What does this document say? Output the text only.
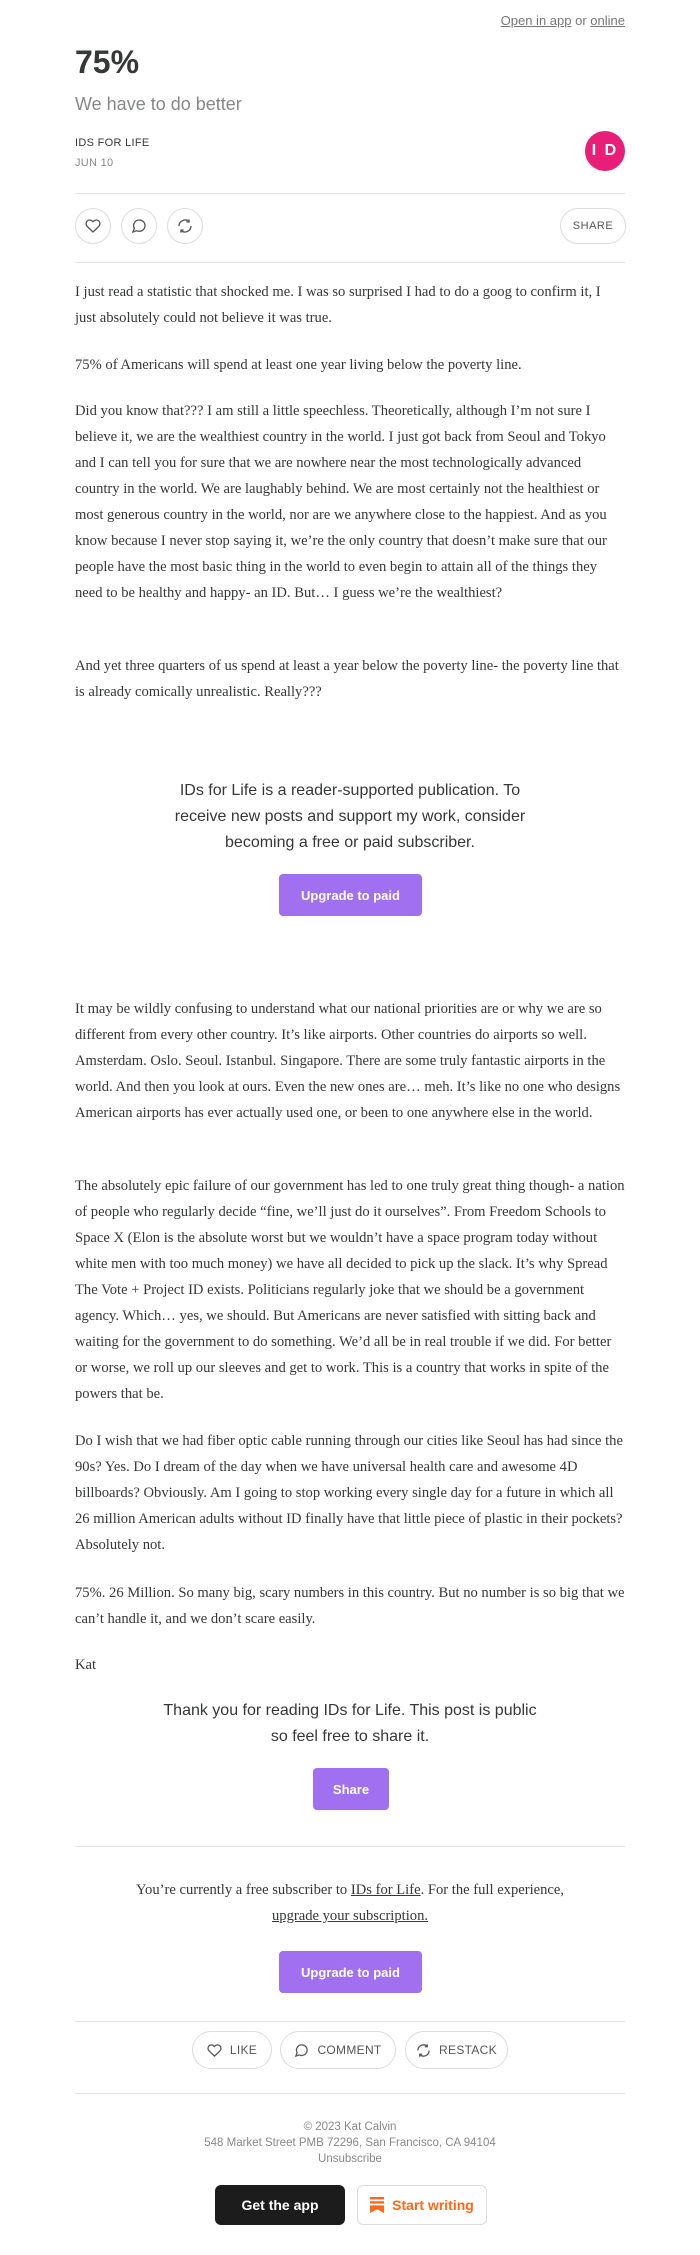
Open in app or online
75%
We have to do better
IDS FOR LIFE
JUN 10
I D
SHARE

I just read a statistic that shocked me. I was so surprised I had to do a goog to confirm it, I just absolutely could not believe it was true.

75% of Americans will spend at least one year living below the poverty line.

Did you know that??? I am still a little speechless. Theoretically, although I’m not sure I believe it, we are the wealthiest country in the world. I just got back from Seoul and Tokyo and I can tell you for sure that we are nowhere near the most technologically advanced country in the world. We are laughably behind. We are most certainly not the healthiest or most generous country in the world, nor are we anywhere close to the happiest. And as you know because I never stop saying it, we’re the only country that doesn’t make sure that our people have the most basic thing in the world to even begin to attain all of the things they need to be healthy and happy- an ID. But… I guess we’re the wealthiest?

And yet three quarters of us spend at least a year below the poverty line- the poverty line that is already comically unrealistic. Really???

IDs for Life is a reader-supported publication. To receive new posts and support my work, consider becoming a free or paid subscriber.
Upgrade to paid

It may be wildly confusing to understand what our national priorities are or why we are so different from every other country. It’s like airports. Other countries do airports so well. Amsterdam. Oslo. Seoul. Istanbul. Singapore. There are some truly fantastic airports in the world. And then you look at ours. Even the new ones are… meh. It’s like no one who designs American airports has ever actually used one, or been to one anywhere else in the world.

The absolutely epic failure of our government has led to one truly great thing though- a nation of people who regularly decide “fine, we’ll just do it ourselves”. From Freedom Schools to Space X (Elon is the absolute worst but we wouldn’t have a space program today without white men with too much money) we have all decided to pick up the slack. It’s why Spread The Vote + Project ID exists. Politicians regularly joke that we should be a government agency. Which… yes, we should. But Americans are never satisfied with sitting back and waiting for the government to do something. We’d all be in real trouble if we did. For better or worse, we roll up our sleeves and get to work. This is a country that works in spite of the powers that be.

Do I wish that we had fiber optic cable running through our cities like Seoul has had since the 90s? Yes. Do I dream of the day when we have universal health care and awesome 4D billboards? Obviously. Am I going to stop working every single day for a future in which all 26 million American adults without ID finally have that little piece of plastic in their pockets? Absolutely not.

75%. 26 Million. So many big, scary numbers in this country. But no number is so big that we can’t handle it, and we don’t scare easily.

Kat

Thank you for reading IDs for Life. This post is public so feel free to share it.
Share
You’re currently a free subscriber to IDs for Life. For the full experience,
upgrade your subscription.
Upgrade to paid
LIKE	COMMENT	RESTACK
© 2023 Kat Calvin
548 Market Street PMB 72296, San Francisco, CA 94104
Unsubscribe
Get the app	Start writing
